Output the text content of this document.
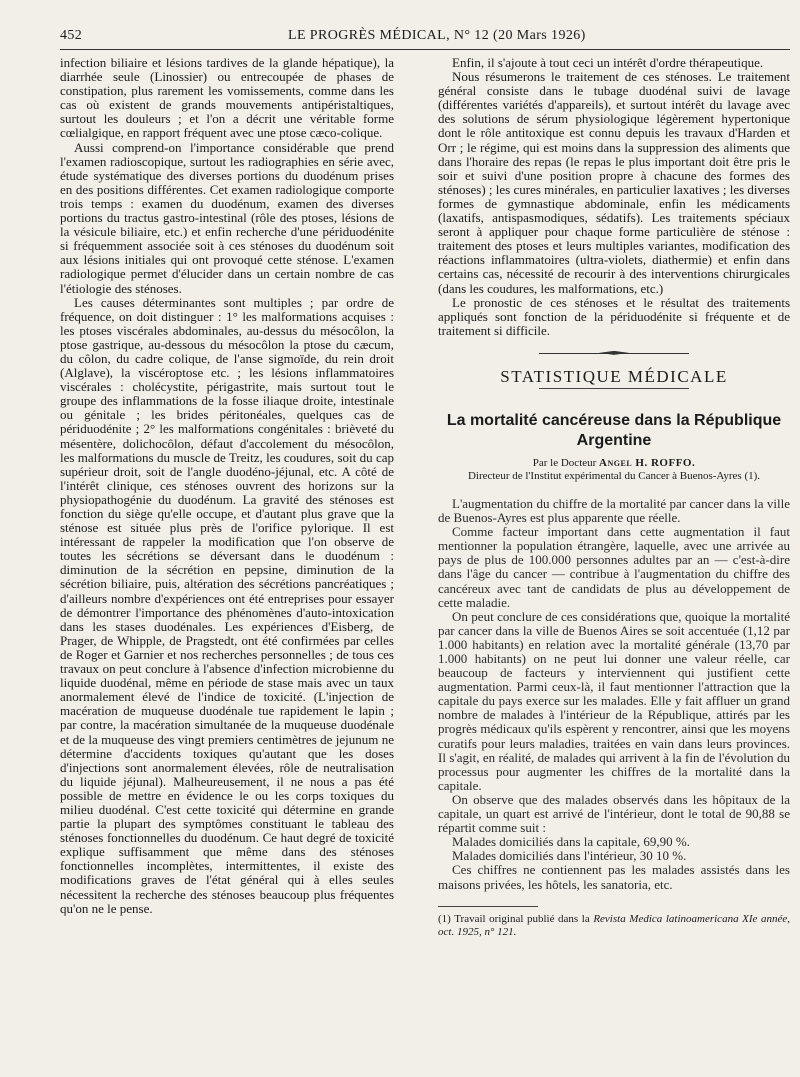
452	LE PROGRÈS MÉDICAL, N° 12 (20 Mars 1926)

infection biliaire et lésions tardives de la glande hépatique), la diarrhée seule (Linossier) ou entrecoupée de phases de constipation, plus rarement les vomissements, comme dans les cas où existent de grands mouvements antipéristaltiques, surtout les douleurs ; et l'on a décrit une véritable forme cœlialgique, en rapport fréquent avec une ptose cæco-colique.

Aussi comprend-on l'importance considérable que prend l'examen radioscopique, surtout les radiographies en série avec, étude systématique des diverses portions du duodénum prises en des positions différentes. Cet examen radiologique comporte trois temps : examen du duodénum, examen des diverses portions du tractus gastro-intestinal (rôle des ptoses, lésions de la vésicule biliaire, etc.) et enfin recherche d'une périduodénite si fréquemment associée soit à ces sténoses du duodénum soit aux lésions initiales qui ont provoqué cette sténose. L'examen radiologique permet d'élucider dans un certain nombre de cas l'étiologie des sténoses.

Les causes déterminantes sont multiples ; par ordre de fréquence, on doit distinguer : 1° les malformations acquises : les ptoses viscérales abdominales, au-dessus du mésocôlon, la ptose gastrique, au-dessous du mésocôlon la ptose du cæcum, du côlon, du cadre colique, de l'anse sigmoïde, du rein droit (Alglave), la viscéroptose etc. ; les lésions inflammatoires viscérales : cholécystite, périgastrite, mais surtout tout le groupe des inflammations de la fosse iliaque droite, intestinale ou génitale ; les brides péritonéales, quelques cas de périduodénite ; 2° les malformations congénitales : brièveté du mésentère, dolichocôlon, défaut d'accolement du mésocôlon, les malformations du muscle de Treitz, les coudures, soit du cap supérieur droit, soit de l'angle duodéno-jéjunal, etc. A côté de l'intérêt clinique, ces sténoses ouvrent des horizons sur la physiopathogénie du duodénum. La gravité des sténoses est fonction du siège qu'elle occupe, et d'autant plus grave que la sténose est située plus près de l'orifice pylorique. Il est intéressant de rappeler la modification que l'on observe de toutes les sécrétions se déversant dans le duodénum : diminution de la sécrétion en pepsine, diminution de la sécrétion biliaire, puis, altération des sécrétions pancréatiques ; d'ailleurs nombre d'expériences ont été entreprises pour essayer de démontrer l'importance des phénomènes d'auto-intoxication dans les stases duodénales. Les expériences d'Eisberg, de Prager, de Whipple, de Pragstedt, ont été confirmées par celles de Roger et Garnier et nos recherches personnelles ; de tous ces travaux on peut conclure à l'absence d'infection microbienne du liquide duodénal, même en période de stase mais avec un taux anormalement élevé de l'indice de toxicité. (L'injection de macération de muqueuse duodénale tue rapidement le lapin ; par contre, la macération simultanée de la muqueuse duodénale et de la muqueuse des vingt premiers centimètres de jejunum ne détermine d'accidents toxiques qu'autant que les doses d'injections sont anormalement élevées, rôle de neutralisation du liquide jéjunal). Malheureusement, il ne nous a pas été possible de mettre en évidence le ou les corps toxiques du milieu duodénal. C'est cette toxicité qui détermine en grande partie la plupart des symptômes constituant le tableau des sténoses fonctionnelles du duodénum. Ce haut degré de toxicité explique suffisamment que même dans des sténoses fonctionnelles incomplètes, intermittentes, il existe des modifications graves de l'état général qui à elles seules nécessitent la recherche des sténoses beaucoup plus fréquentes qu'on ne le pense.

Enfin, il s'ajoute à tout ceci un intérêt d'ordre thérapeutique.

Nous résumerons le traitement de ces sténoses. Le traitement général consiste dans le tubage duodénal suivi de lavage (différentes variétés d'appareils), et surtout intérêt du lavage avec des solutions de sérum physiologique légèrement hypertonique dont le rôle antitoxique est connu depuis les travaux d'Harden et Orr ; le régime, qui est moins dans la suppression des aliments que dans l'horaire des repas (le repas le plus important doit être pris le soir et suivi d'une position propre à chacune des formes des sténoses) ; les cures minérales, en particulier laxatives ; les diverses formes de gymnastique abdominale, enfin les médicaments (laxatifs, antispasmodiques, sédatifs). Les traitements spéciaux seront à appliquer pour chaque forme particulière de sténose : traitement des ptoses et leurs multiples variantes, modification des réactions inflammatoires (ultra-violets, diathermie) et enfin dans certains cas, nécessité de recourir à des interventions chirurgicales (dans les coudures, les malformations, etc.)

Le pronostic de ces sténoses et le résultat des traitements appliqués sont fonction de la périduodénite si fréquente et de traitement si difficile.

STATISTIQUE MÉDICALE
La mortalité cancéreuse dans la République Argentine
Par le Docteur Angel H. ROFFO.
Directeur de l'Institut expérimental du Cancer à Buenos-Ayres (1).

L'augmentation du chiffre de la mortalité par cancer dans la ville de Buenos-Ayres est plus apparente que réelle.

Comme facteur important dans cette augmentation il faut mentionner la population étrangère, laquelle, avec une arrivée au pays de plus de 100.000 personnes adultes par an — c'est-à-dire dans l'âge du cancer — contribue à l'augmentation du chiffre des cancéreux avec tant de candidats de plus au développement de cette maladie.

On peut conclure de ces considérations que, quoique la mortalité par cancer dans la ville de Buenos Aires se soit accentuée (1,12 par 1.000 habitants) en relation avec la mortalité générale (13,70 par 1.000 habitants) on ne peut lui donner une valeur réelle, car beaucoup de facteurs y interviennent qui justifient cette augmentation. Parmi ceux-là, il faut mentionner l'attraction que la capitale du pays exerce sur les malades. Elle y fait affluer un grand nombre de malades à l'intérieur de la République, attirés par les progrès médicaux qu'ils espèrent y rencontrer, ainsi que les moyens curatifs pour leurs maladies, traitées en vain dans leurs provinces. Il s'agit, en réalité, de malades qui arrivent à la fin de l'évolution du processus pour augmenter les chiffres de la mortalité dans la capitale.

On observe que des malades observés dans les hôpitaux de la capitale, un quart est arrivé de l'intérieur, dont le total de 90,88 se répartit comme suit :

Malades domiciliés dans la capitale, 69,90 %.

Malades domiciliés dans l'intérieur, 30 10 %.

Ces chiffres ne contiennent pas les malades assistés dans les maisons privées, les hôtels, les sanatoria, etc.

(1) Travail original publié dans la Revista Medica latinoamericana XIe année, oct. 1925, n° 121.
